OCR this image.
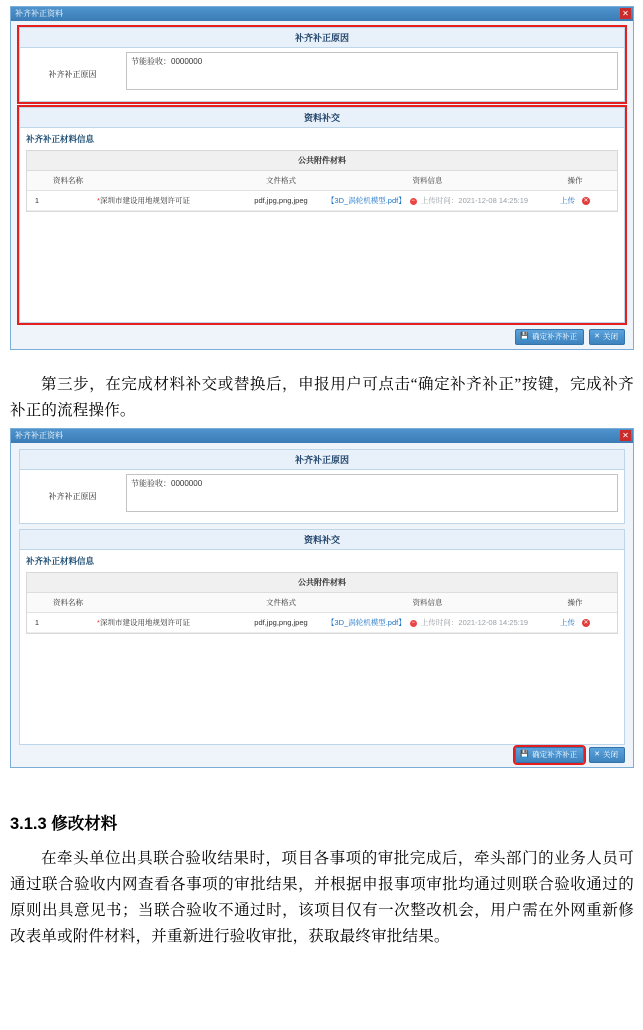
补齐补正资料	✕
补齐补正原因
补齐补正原因
节能验收：0000000
资料补交
补齐补正材料信息
公共附件材料
	资料名称	文件格式	资料信息	操作
1	*深圳市建设用地规划许可证	pdf,jpg,png,jpeg	【3D_涡轮机模型.pdf】 − 上传时间：2021-12-08 14:25:19	上传 ✕
💾 确定补齐补正 ✕ 关闭

第三步，在完成材料补交或替换后，申报用户可点击“确定补齐补正”按键，完成补齐补正的流程操作。

补齐补正资料	✕
补齐补正原因
补齐补正原因
节能验收：0000000
资料补交
补齐补正材料信息
公共附件材料
	资料名称	文件格式	资料信息	操作
1	*深圳市建设用地规划许可证	pdf,jpg,png,jpeg	【3D_涡轮机模型.pdf】 − 上传时间：2021-12-08 14:25:19	上传 ✕
💾 确定补齐补正 ✕ 关闭
3.1.3 修改材料

在牵头单位出具联合验收结果时，项目各事项的审批完成后，牵头部门的业务人员可通过联合验收内网查看各事项的审批结果，并根据申报事项审批均通过则联合验收通过的原则出具意见书；当联合验收不通过时，该项目仅有一次整改机会，用户需在外网重新修改表单或附件材料，并重新进行验收审批，获取最终审批结果。
